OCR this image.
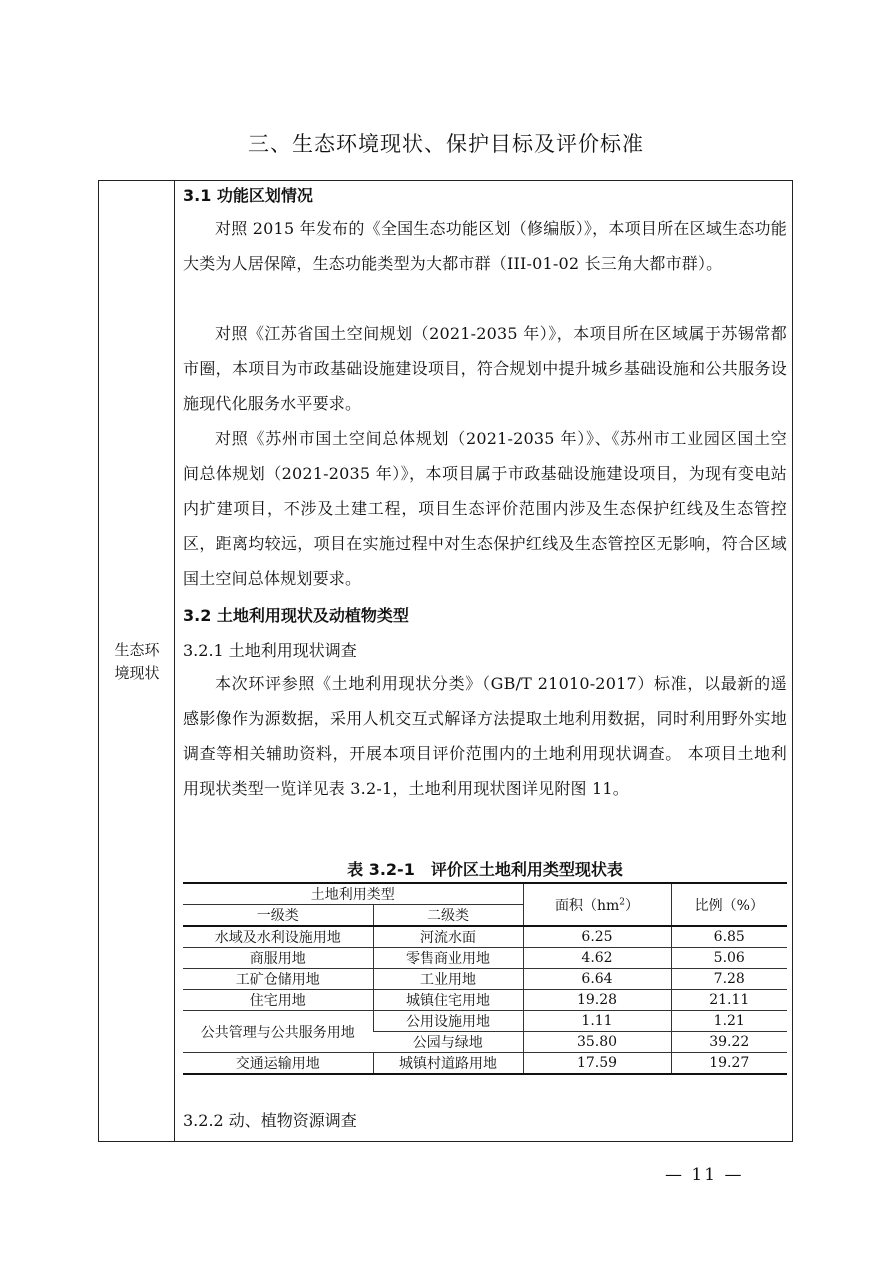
三、生态环境现状、保护目标及评价标准
生态环
境现状
3.1 功能区划情况

对照 2015 年发布的《全国生态功能区划（修编版）》，本项目所在区域生态功能大类为人居保障，生态功能类型为大都市群（III-01-02 长三角大都市群）。

对照《江苏省国土空间规划（2021-2035 年）》，本项目所在区域属于苏锡常都市圈，本项目为市政基础设施建设项目，符合规划中提升城乡基础设施和公共服务设施现代化服务水平要求。

对照《苏州市国土空间总体规划（2021-2035 年）》、《苏州市工业园区国土空间总体规划（2021-2035 年）》，本项目属于市政基础设施建设项目，为现有变电站内扩建项目，不涉及土建工程，项目生态评价范围内涉及生态保护红线及生态管控区，距离均较远，项目在实施过程中对生态保护红线及生态管控区无影响，符合区域国土空间总体规划要求。

3.2 土地利用现状及动植物类型
3.2.1 土地利用现状调查

本次环评参照《土地利用现状分类》（GB/T 21010-2017）标准，以最新的遥感影像作为源数据，采用人机交互式解译方法提取土地利用数据，同时利用野外实地调查等相关辅助资料，开展本项目评价范围内的土地利用现状调查。 本项目土地利用现状类型一览详见表 3.2-1，土地利用现状图详见附图 11。

表 3.2-1　评价区土地利用类型现状表
土地利用类型		面积$(hm^2)$	比例（%）
一级类	二级类		
水域及水利设施用地	河流水面	6.25	6.85
商服用地	零售商业用地	4.62	5.06
工矿仓储用地	工业用地	6.64	7.28
住宅用地	城镇住宅用地	19.28	21.11
公共管理与公共服务用地	公用设施用地	1.11	1.21
	公园与绿地	35.80	39.22
交通运输用地	城镇村道路用地	17.59	19.27
3.2.2 动、植物资源调查
— 11 —
